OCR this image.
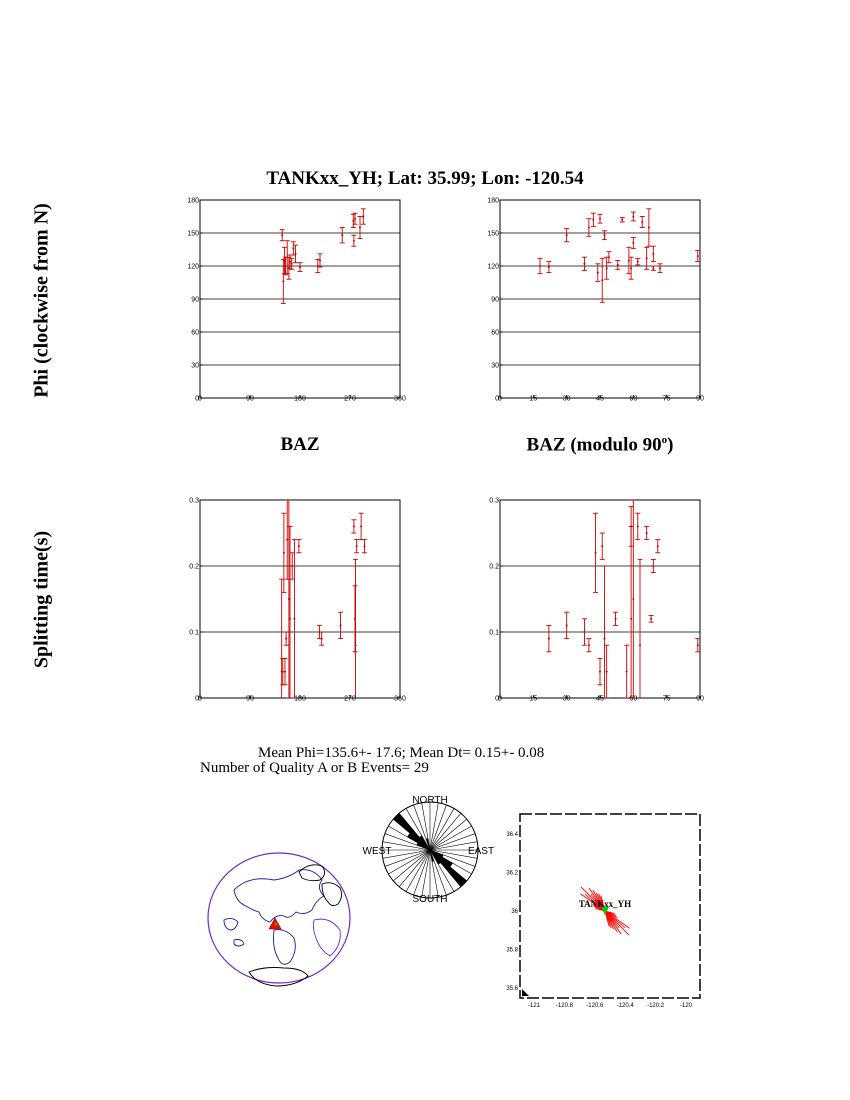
TANKxx_YH; Lat: 35.99; Lon: -120.54
Phi (clockwise from N)
Splitting time(s)
0
30
60
90
120
150
180
0	90	180	270	360	0
30
60
90
120
150
180
0	15	30	45	60	75	90
0
0.1
0.2
0.3
0	90	180	270	360	0
0.1
0.2
0.3
0	15	30	45	60	75	90
BAZ	BAZ (modulo 90$^o$)
Mean Phi=135.6+- 17.6; Mean Dt= 0.15+- 0.08
Number of Quality A or B Events= 29
NORTH
SOUTH
EAST
WEST
-121	-120.8 -120.6 -120.4 -120.2	-120
36.4
36.2
36
35.8
35.6
TANKxx_YH
